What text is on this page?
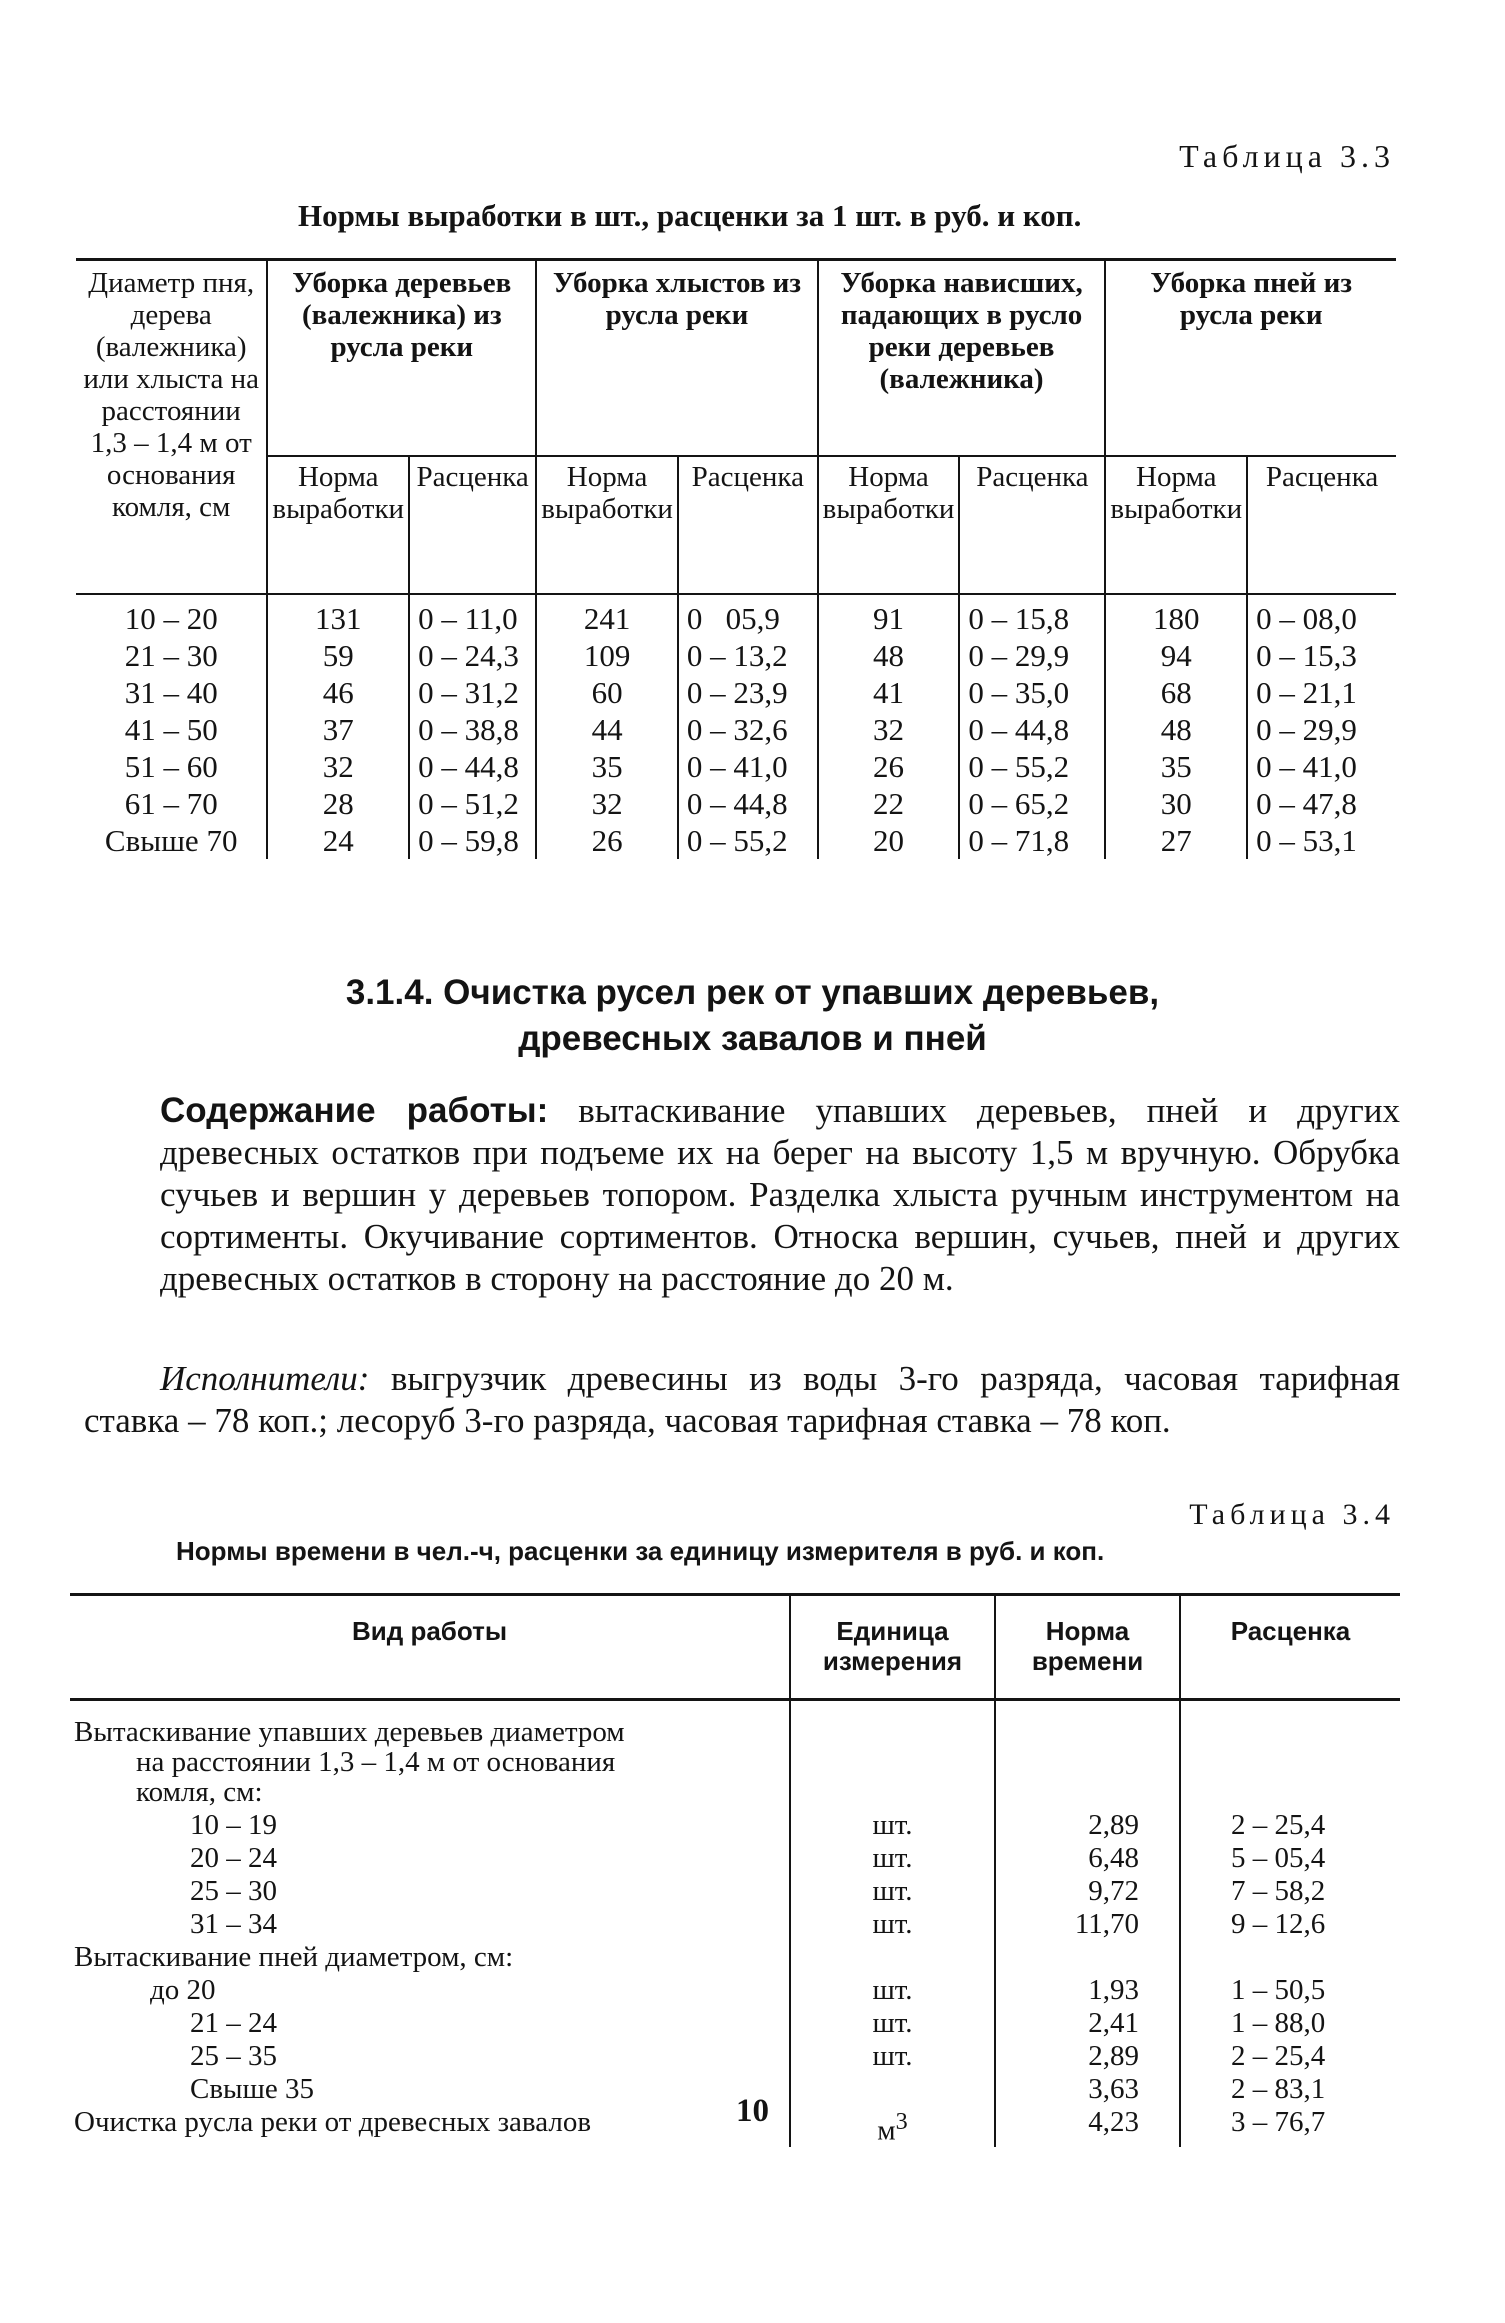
Таблица 3.3
Нормы выработки в шт., расценки за 1 шт. в руб. и коп.
Диаметр пня, дерева (валежника) или хлыста на расстоянии 1,3 – 1,4 м от основания комля, см	Уборка деревьев (валежника) из русла реки		Уборка хлыстов из русла реки		Уборка нависших, падающих в русло реки деревьев (валежника)		Уборка пней из русла реки	
	Норма выработки	Расценка	Норма выработки	Расценка	Норма выработки	Расценка	Норма выработки	Расценка
10 – 20	131	0 – 11,0	241	0   05,9	91	0 – 15,8	180	0 – 08,0
21 – 30	59	0 – 24,3	109	0 – 13,2	48	0 – 29,9	94	0 – 15,3
31 – 40	46	0 – 31,2	60	0 – 23,9	41	0 – 35,0	68	0 – 21,1
41 – 50	37	0 – 38,8	44	0 – 32,6	32	0 – 44,8	48	0 – 29,9
51 – 60	32	0 – 44,8	35	0 – 41,0	26	0 – 55,2	35	0 – 41,0
61 – 70	28	0 – 51,2	32	0 – 44,8	22	0 – 65,2	30	0 – 47,8
Свыше 70	24	0 – 59,8	26	0 – 55,2	20	0 – 71,8	27	0 – 53,1
3.1.4. Очистка русел рек от упавших деревьев,
древесных завалов и пней
Содержание работы: вытаскивание упавших деревьев, пней и других древесных остатков при подъеме их на берег на высоту 1,5 м вручную. Обрубка сучьев и вершин у деревьев топором. Разделка хлыста ручным инструментом на сортименты. Окучивание сортиментов. Относка вершин, сучьев, пней и других древесных остатков в сторону на расстояние до 20 м.
Исполнители: выгрузчик древесины из воды 3-го разряда, часовая тарифная ставка – 78 коп.; лесоруб 3-го разряда, часовая тарифная ставка – 78 коп.
Таблица 3.4
Нормы времени в чел.-ч, расценки за единицу измерителя в руб. и коп.
Вид работы	Единица измерения	Норма времени	Расценка

Вытаскивание упавших деревьев диаметром
на расстоянии 1,3 – 1,4 м от основания
комля, см:			

10 – 19	шт.	2,89	2 – 25,4
20 – 24	шт.	6,48	5 – 05,4
25 – 30	шт.	9,72	7 – 58,2
31 – 34	шт.	11,70	9 – 12,6
Вытаскивание пней диаметром, см:			
до 20	шт.	1,93	1 – 50,5
21 – 24	шт.	2,41	1 – 88,0
25 – 35	шт.	2,89	2 – 25,4
Свыше 35		3,63	2 – 83,1
Очистка русла реки от древесных завалов	$м^3$	4,23	3 – 76,7
10
